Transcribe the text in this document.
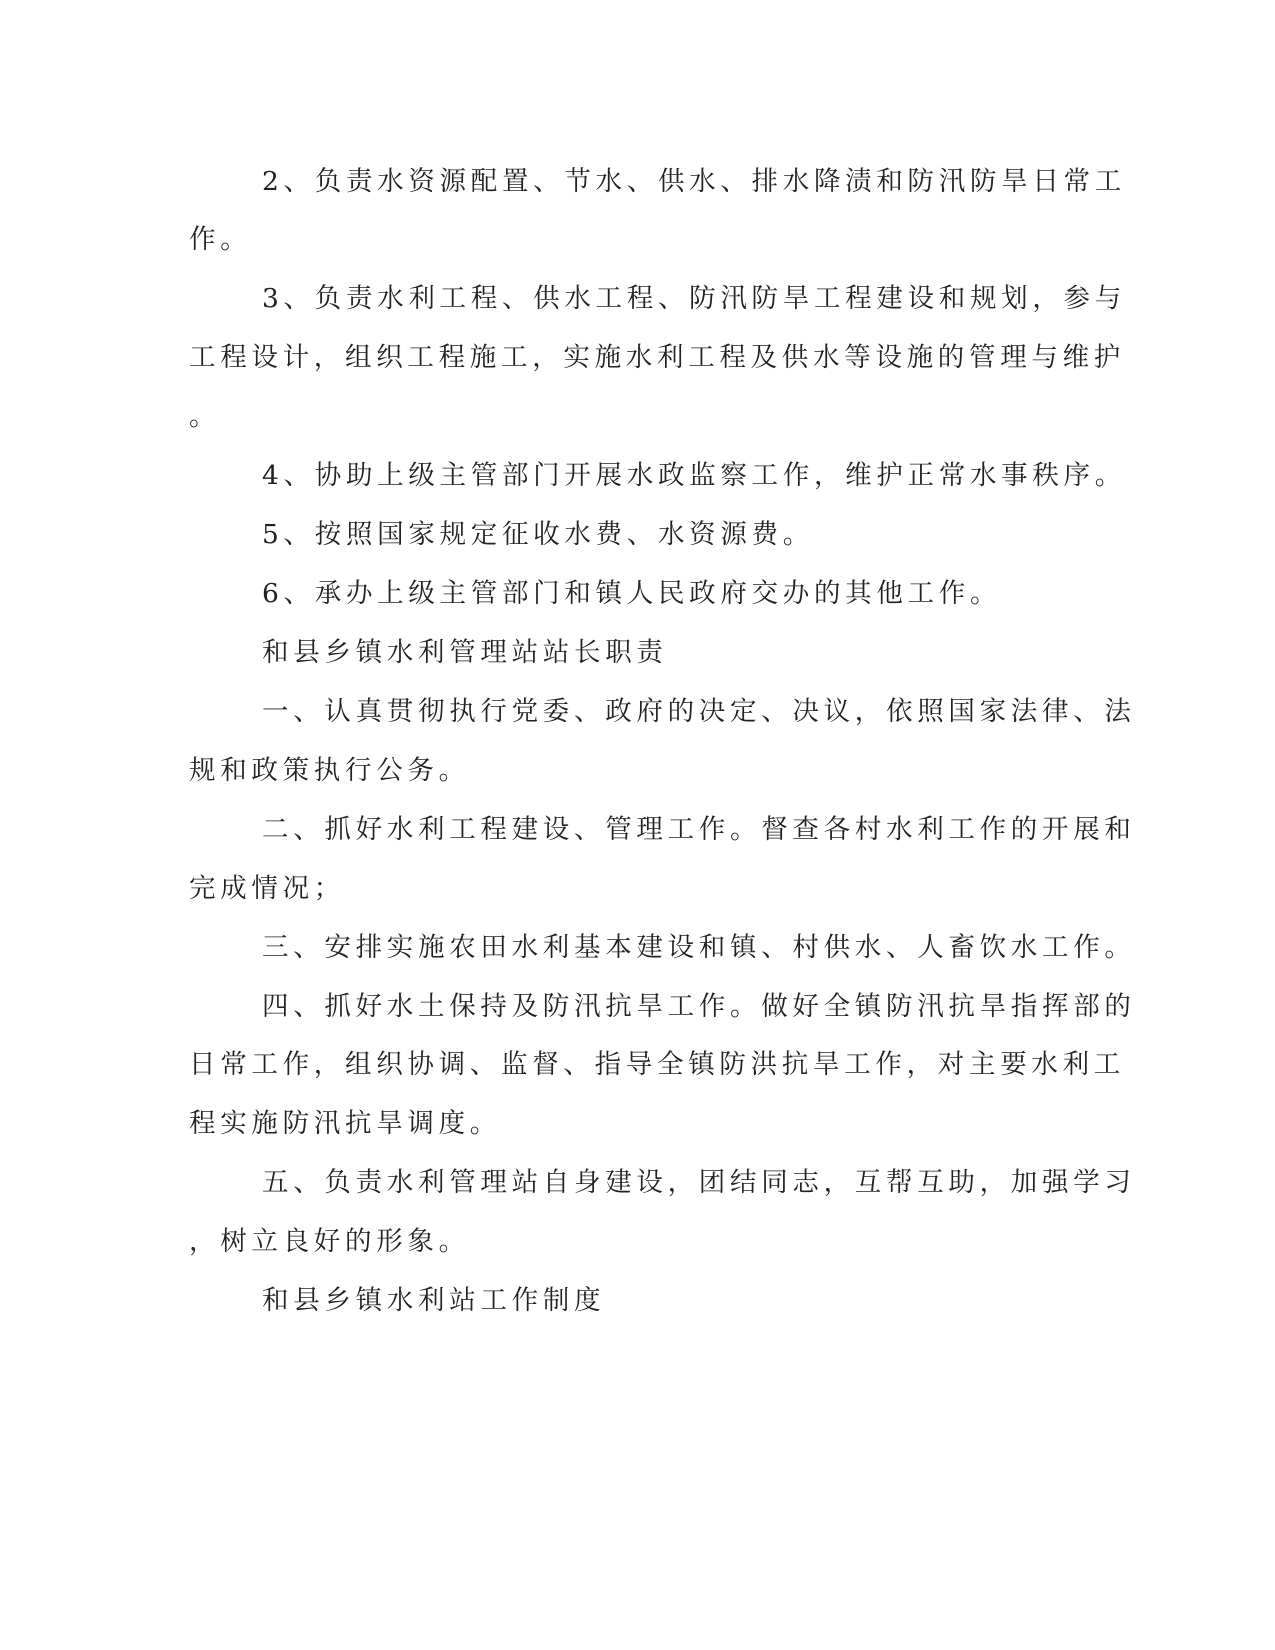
2、负责水资源配置、节水、供水、排水降渍和防汛防旱日常工
作。
3、负责水利工程、供水工程、防汛防旱工程建设和规划，参与
工程设计，组织工程施工，实施水利工程及供水等设施的管理与维护
。
4、协助上级主管部门开展水政监察工作，维护正常水事秩序。
5、按照国家规定征收水费、水资源费。
6、承办上级主管部门和镇人民政府交办的其他工作。
和县乡镇水利管理站站长职责
一、认真贯彻执行党委、政府的决定、决议，依照国家法律、法
规和政策执行公务。
二、抓好水利工程建设、管理工作。督查各村水利工作的开展和
完成情况；
三、安排实施农田水利基本建设和镇、村供水、人畜饮水工作。
四、抓好水土保持及防汛抗旱工作。做好全镇防汛抗旱指挥部的
日常工作，组织协调、监督、指导全镇防洪抗旱工作，对主要水利工
程实施防汛抗旱调度。
五、负责水利管理站自身建设，团结同志，互帮互助，加强学习
，树立良好的形象。
和县乡镇水利站工作制度
